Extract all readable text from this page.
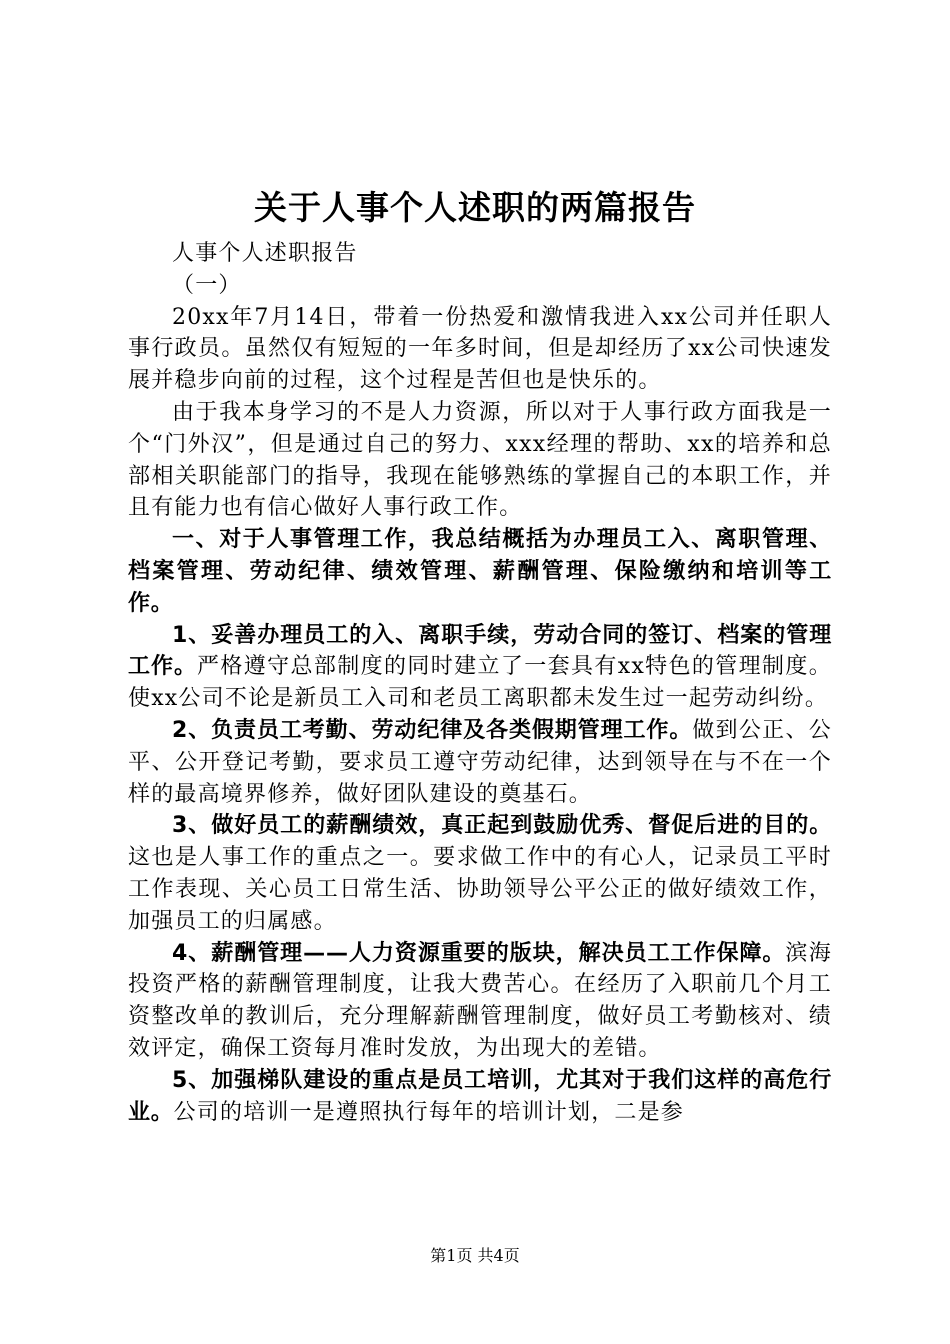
关于人事个人述职的两篇报告

人事个人述职报告

（一）

20xx年7月14日，带着一份热爱和激情我进入xx公司并任职人事行政员。虽然仅有短短的一年多时间，但是却经历了xx公司快速发展并稳步向前的过程，这个过程是苦但也是快乐的。

由于我本身学习的不是人力资源，所以对于人事行政方面我是一个“门外汉”，但是通过自己的努力、xxx经理的帮助、xx的培养和总部相关职能部门的指导，我现在能够熟练的掌握自己的本职工作，并且有能力也有信心做好人事行政工作。

一、对于人事管理工作，我总结概括为办理员工入、离职管理、档案管理、劳动纪律、绩效管理、薪酬管理、保险缴纳和培训等工作。

1、妥善办理员工的入、离职手续，劳动合同的签订、档案的管理工作。严格遵守总部制度的同时建立了一套具有xx特色的管理制度。使xx公司不论是新员工入司和老员工离职都未发生过一起劳动纠纷。

2、负责员工考勤、劳动纪律及各类假期管理工作。做到公正、公平、公开登记考勤，要求员工遵守劳动纪律，达到领导在与不在一个样的最高境界修养，做好团队建设的奠基石。

3、做好员工的薪酬绩效，真正起到鼓励优秀、督促后进的目的。这也是人事工作的重点之一。要求做工作中的有心人，记录员工平时工作表现、关心员工日常生活、协助领导公平公正的做好绩效工作，加强员工的归属感。

4、薪酬管理——人力资源重要的版块，解决员工工作保障。滨海投资严格的薪酬管理制度，让我大费苦心。在经历了入职前几个月工资整改单的教训后，充分理解薪酬管理制度，做好员工考勤核对、绩效评定，确保工资每月准时发放，为出现大的差错。

5、加强梯队建设的重点是员工培训，尤其对于我们这样的高危行业。公司的培训一是遵照执行每年的培训计划，二是参

第1页 共4页
